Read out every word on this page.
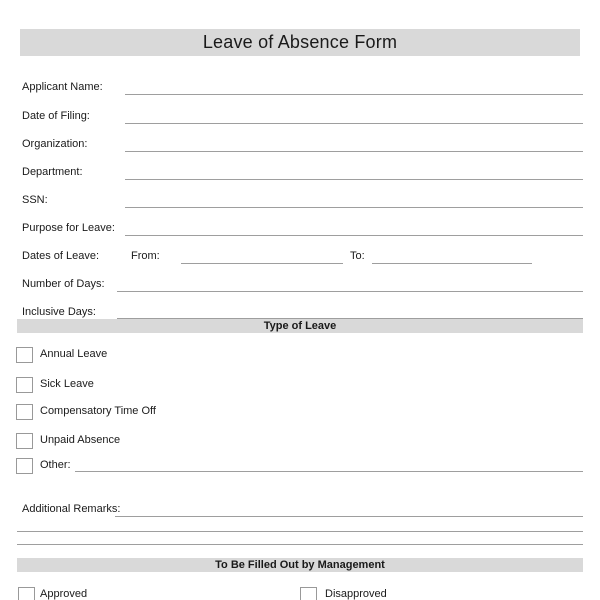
Leave of Absence Form
Applicant Name:
Date of Filing:
Organization:
Department:
SSN:
Purpose for Leave:
Dates of Leave:	From:	To:
Number of Days:
Inclusive Days:
Type of Leave
Annual Leave
Sick Leave
Compensatory Time Off
Unpaid Absence
Other:
Additional Remarks:
To Be Filled Out by Management
Approved	Disapproved
